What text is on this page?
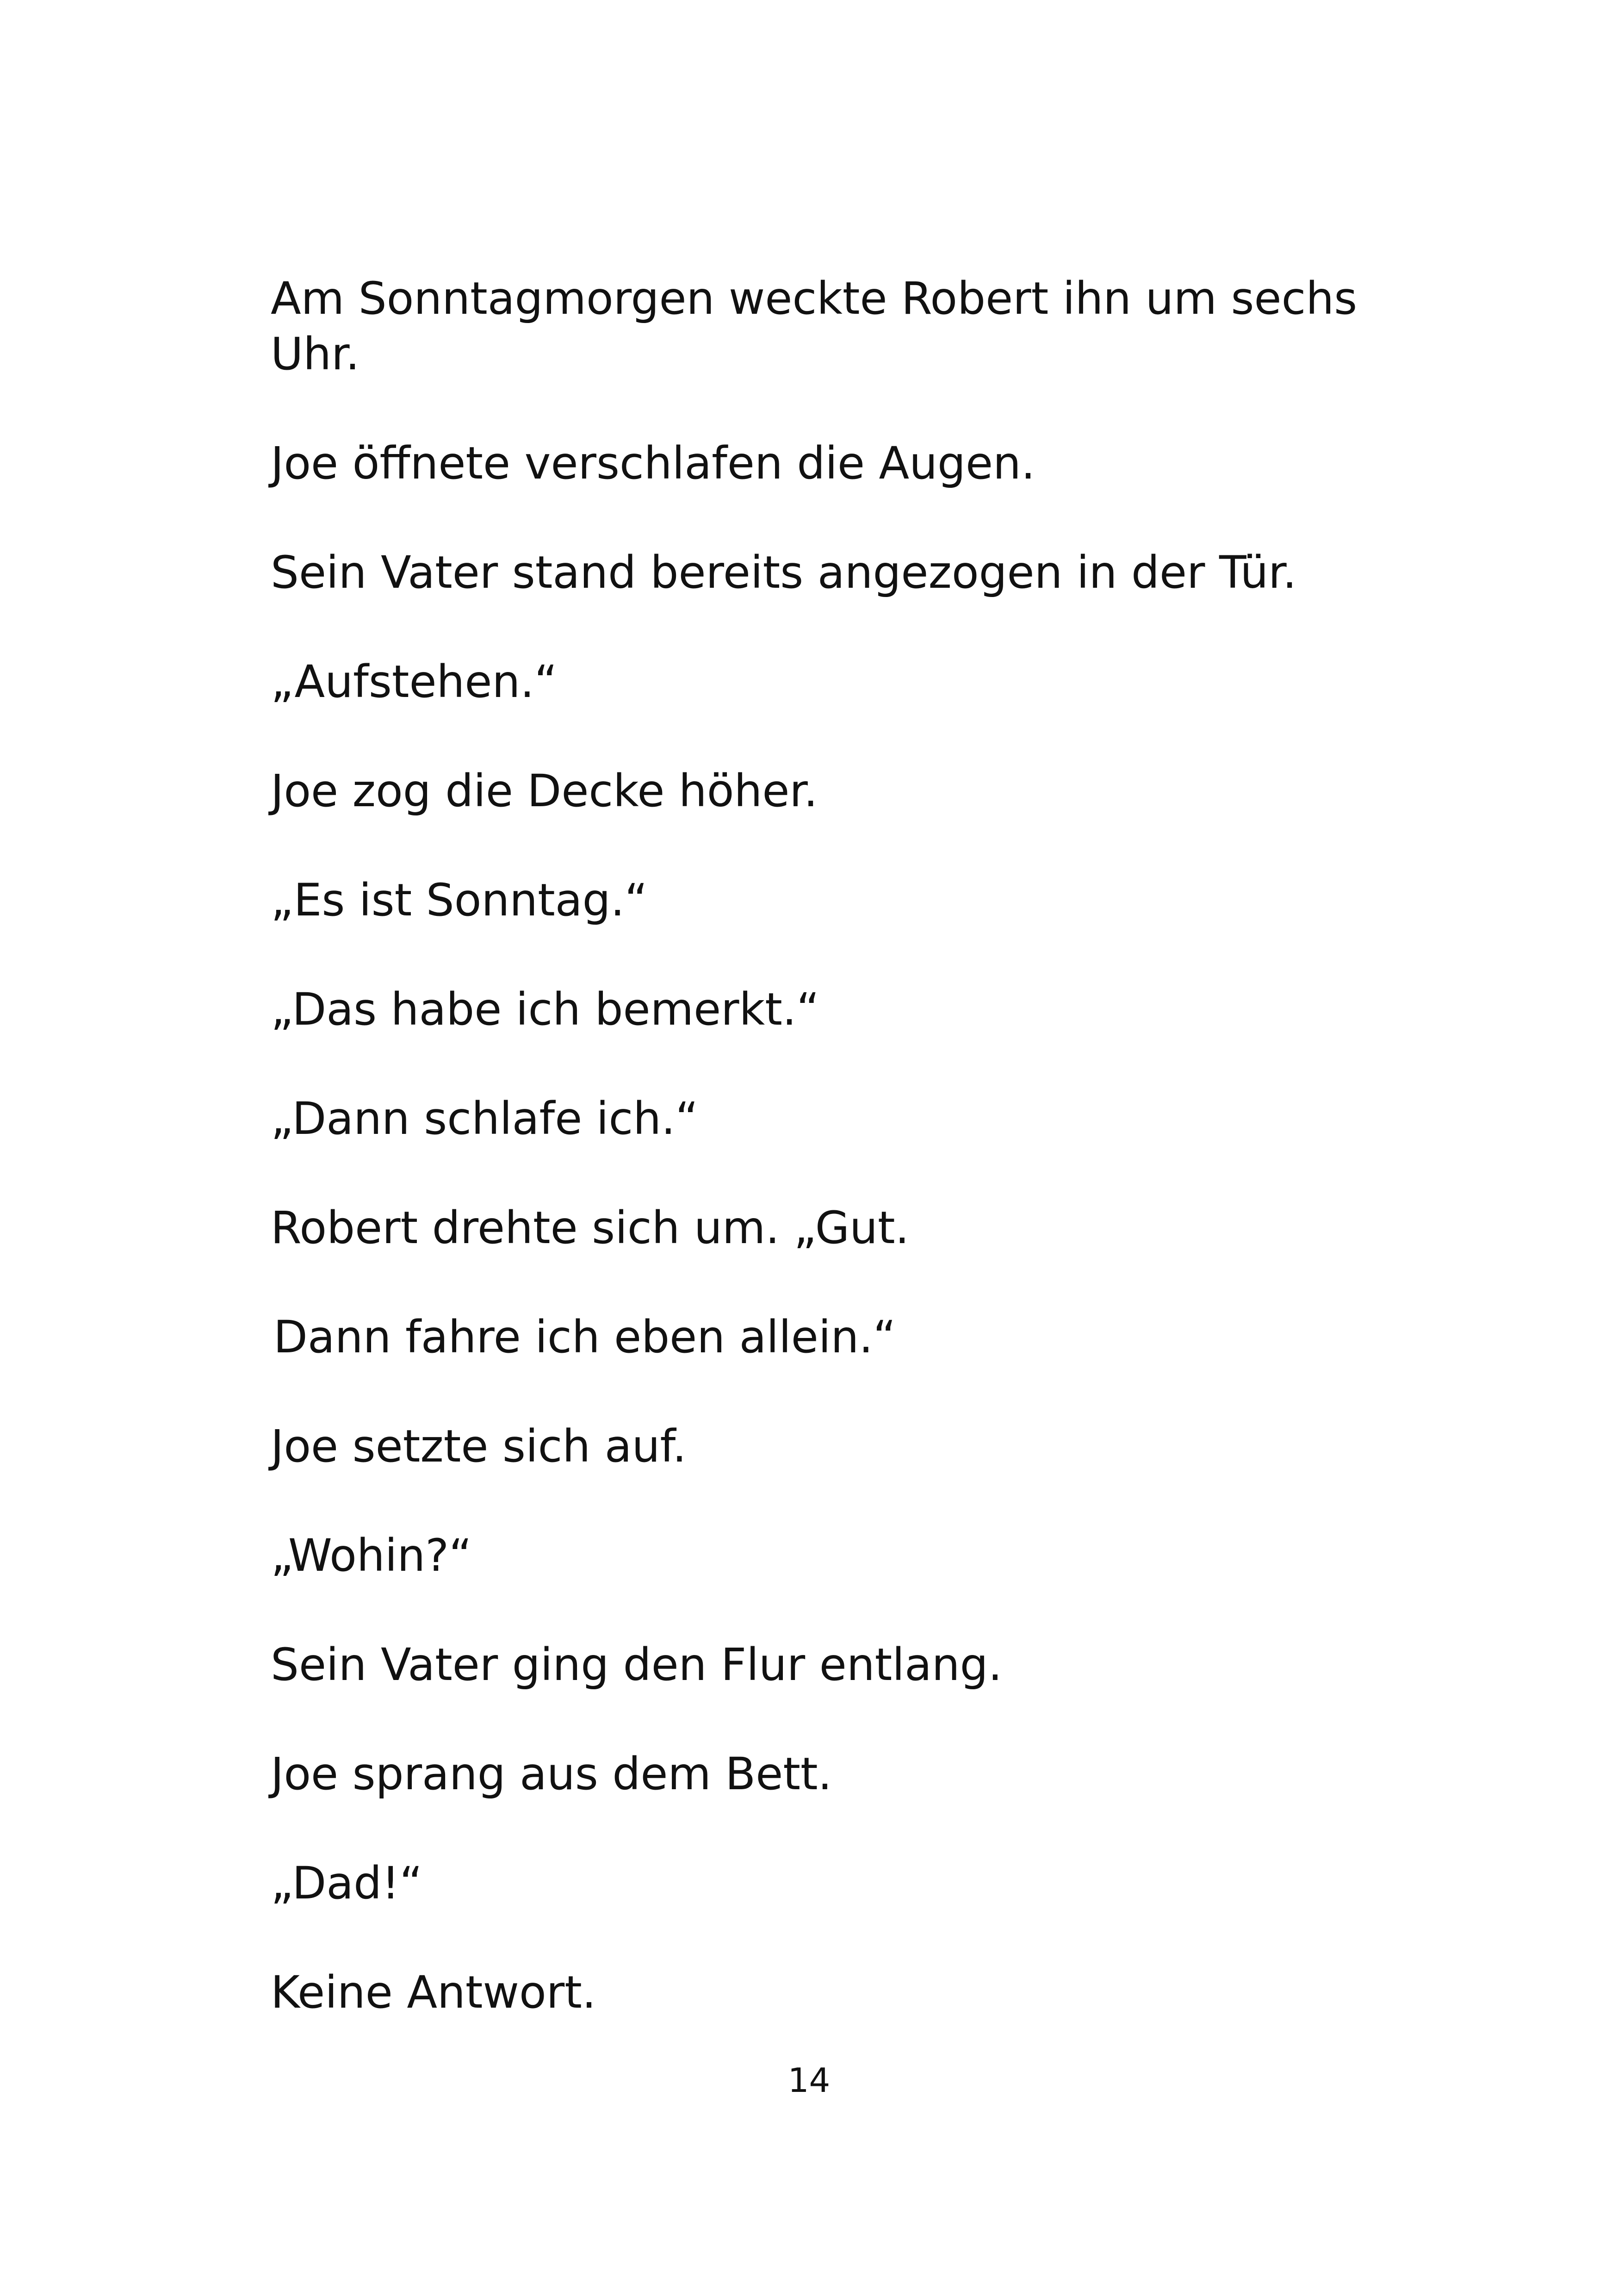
Am Sonntagmorgen weckte Robert ihn um sechs Uhr.

Joe öffnete verschlafen die Augen.

Sein Vater stand bereits angezogen in der Tür.

„Aufstehen.“

Joe zog die Decke höher.

„Es ist Sonntag.“

„Das habe ich bemerkt.“

„Dann schlafe ich.“

Robert drehte sich um. „Gut.

Dann fahre ich eben allein.“

Joe setzte sich auf.

„Wohin?“

Sein Vater ging den Flur entlang.

Joe sprang aus dem Bett.

„Dad!“

Keine Antwort.

14
